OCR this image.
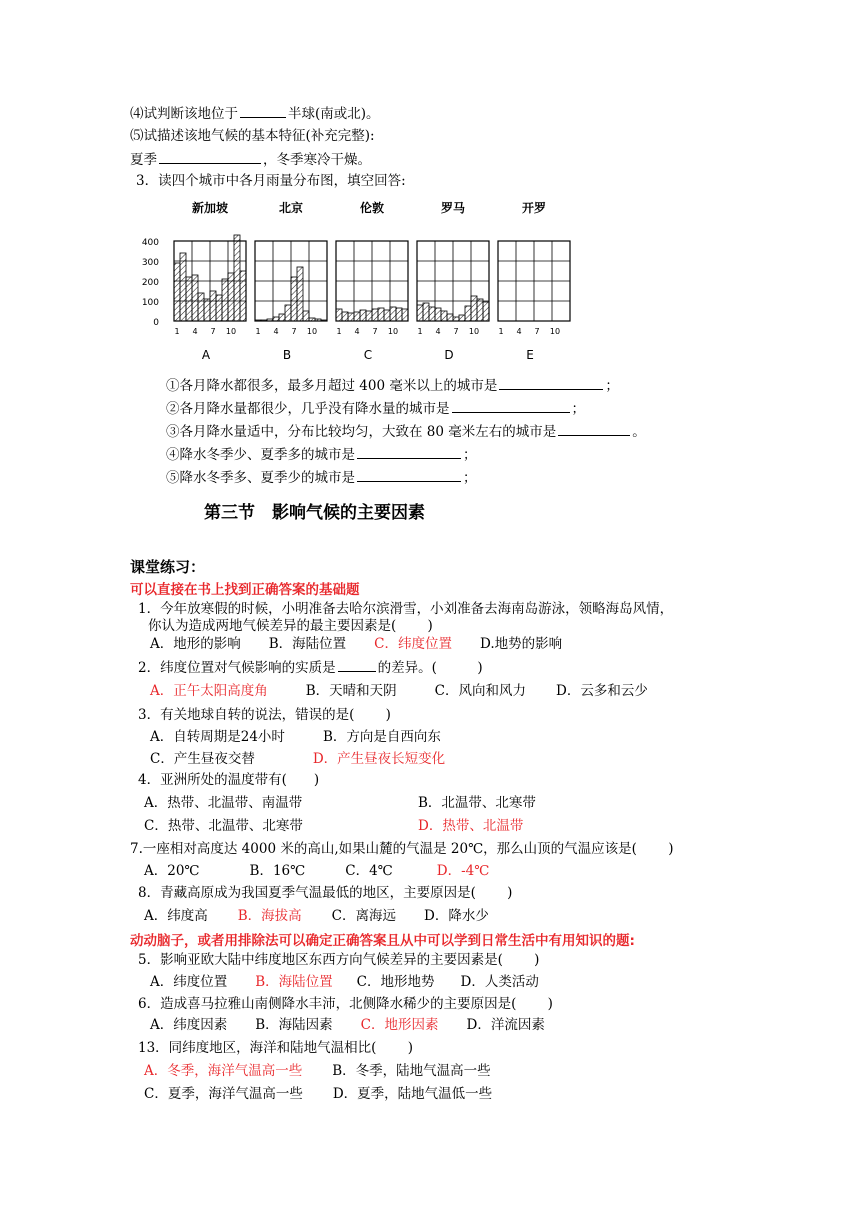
⑷试判断该地位于	半球(南或北)。
⑸试描述该地气候的基本特征(补充完整):
夏季	，冬季寒冷干燥。
3．读四个城市中各月雨量分布图，填空回答:
400
300
200
100
0
新加坡
1 4 7 10
A
北京
1 4 7 10
B
伦敦
1 4 7 10
C
罗马
1 4 7 10
D
开罗
1 4 7 10
E
①各月降水都很多，最多月超过 400 毫米以上的城市是	；
②各月降水量都很少，几乎没有降水量的城市是	；
③各月降水量适中，分布比较均匀，大致在 80 毫米左右的城市是	。
④降水冬季少、夏季多的城市是	；
⑤降水冬季多、夏季少的城市是	；
第三节　影响气候的主要因素
课堂练习：
可以直接在书上找到正确答案的基础题
1．今年放寒假的时候，小明准备去哈尔滨滑雪，小刘准备去海南岛游泳，领略海岛风情，
你认为造成两地气候差异的最主要因素是(　　 )
A．地形的影响 B．海陆位置 C．纬度位置 D.地势的影响
2．纬度位置对气候影响的实质是	的差异。(　　　)
A．正午太阳高度角	B．天晴和天阴	C．风向和风力 D．云多和云少
3．有关地球自转的说法，错误的是(　　 )
A．自转周期是24小时	B．方向是自西向东
C．产生昼夜交替	D．产生昼夜长短变化
4．亚洲所处的温度带有(　　)
A．热带、北温带、南温带	B．北温带、北寒带
C．热带、北温带、北寒带	D．热带、北温带
7.一座相对高度达 4000 米的高山,如果山麓的气温是 20℃，那么山顶的气温应该是(　　 )
A．20℃	B．16℃	C．4℃	D．-4℃
8．青藏高原成为我国夏季气温最低的地区，主要原因是(　　 )
A．纬度高 B．海拔高 C．离海远 D．降水少
动动脑子，或者用排除法可以确定正确答案且从中可以学到日常生活中有用知识的题:
5．影响亚欧大陆中纬度地区东西方向气候差异的主要因素是(　　 )
A．纬度位置 B．海陆位置 C．地形地势 D．人类活动
6．造成喜马拉雅山南侧降水丰沛，北侧降水稀少的主要原因是(　　 )
A．纬度因素 B．海陆因素 C．地形因素 D．洋流因素
13．同纬度地区，海洋和陆地气温相比(　　 )
A．冬季，海洋气温高一些 B．冬季，陆地气温高一些
C．夏季，海洋气温高一些 D．夏季，陆地气温低一些
